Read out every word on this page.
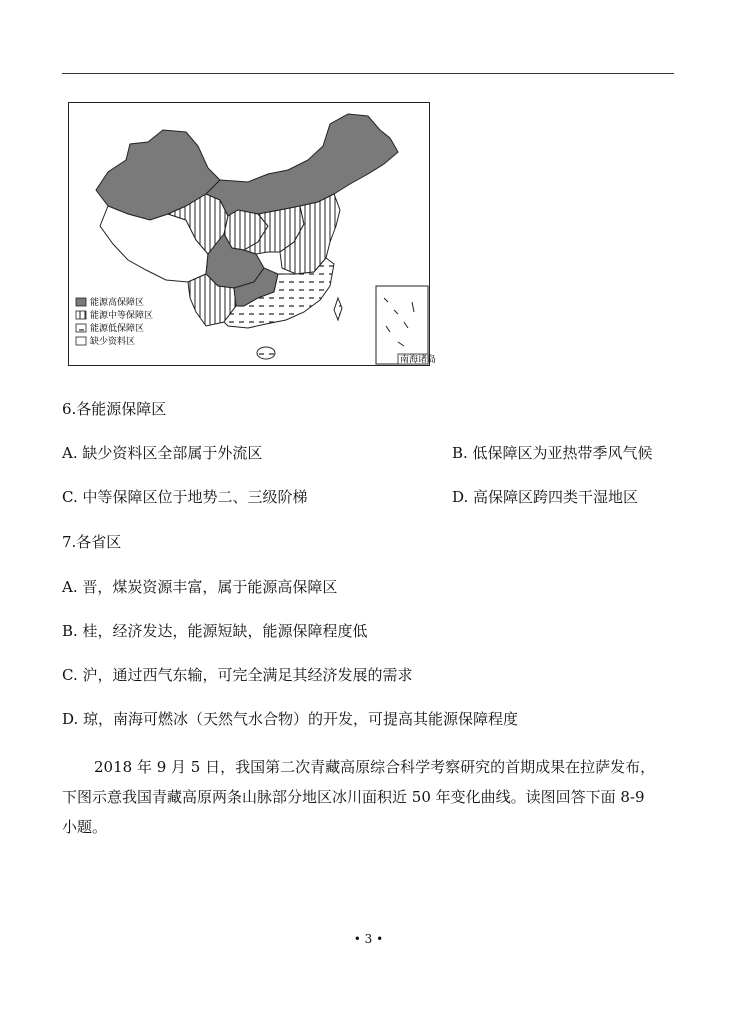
南海诸岛
能源高保障区
能源中等保障区
能源低保障区
缺少资料区
6.各能源保障区
A. 缺少资料区全部属于外流区	B. 低保障区为亚热带季风气候
C. 中等保障区位于地势二、三级阶梯	D. 高保障区跨四类干湿地区
7.各省区
A. 晋，煤炭资源丰富，属于能源高保障区
B. 桂，经济发达，能源短缺，能源保障程度低
C. 沪，通过西气东输，可完全满足其经济发展的需求
D. 琼，南海可燃冰（天然气水合物）的开发，可提高其能源保障程度
2018 年 9 月 5 日，我国第二次青藏高原综合科学考察研究的首期成果在拉萨发布，
下图示意我国青藏高原两条山脉部分地区冰川面积近 50 年变化曲线。读图回答下面 8-9
小题。
• 3 •
